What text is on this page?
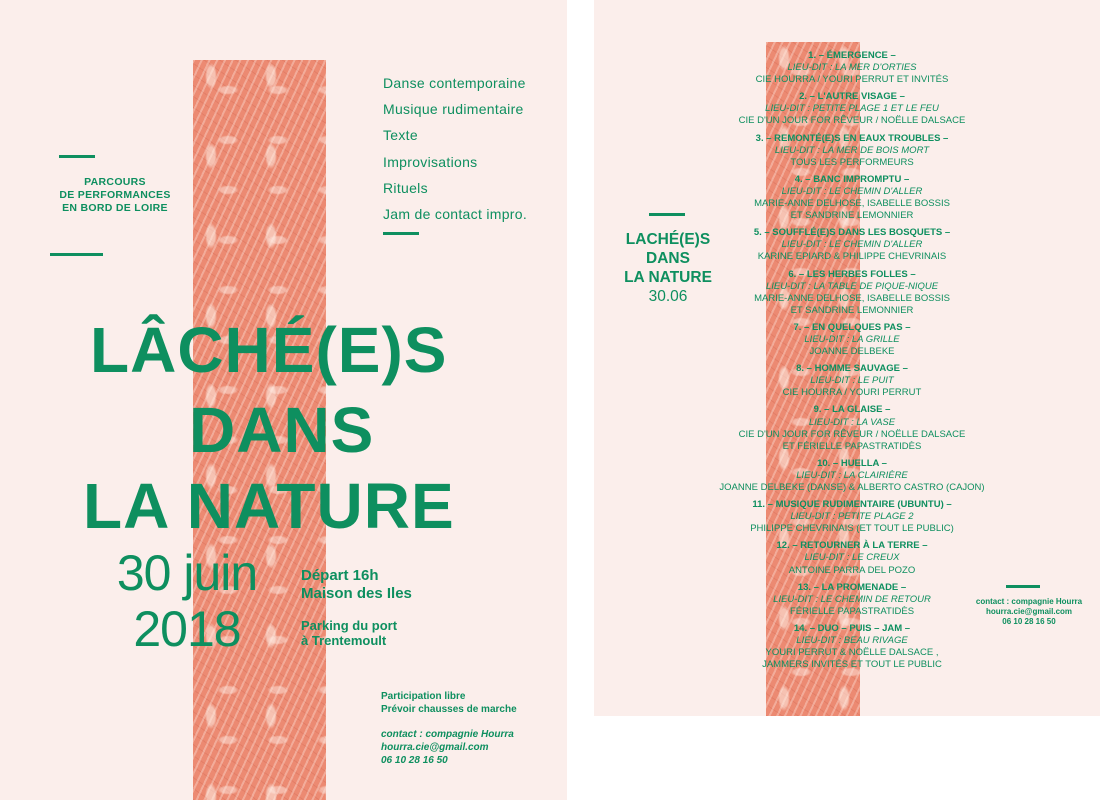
PARCOURS
DE PERFORMANCES
EN BORD DE LOIRE
Danse contemporaine
Musique rudimentaire
Texte
Improvisations
Rituels
Jam de contact impro.
LÂCHÉ(E)S
DANS
LA NATURE
30 juin
2018
Départ 16h
Maison des Iles
Parking du port
à Trentemoult
Participation libre
Prévoir chausses de marche
contact : compagnie Hourra
hourra.cie@gmail.com
06 10 28 16 50
LACHÉ(E)S
DANS
LA NATURE
30.06
1. – ÉMERGENCE –
LIEU-DIT : LA MER D'ORTIES
CIE HOURRA / YOURI PERRUT ET INVITÉS
2. – L'AUTRE VISAGE –
LIEU-DIT : PETITE PLAGE 1 ET LE FEU
CIE D'UN JOUR FOR RÊVEUR / NOËLLE DALSACE
3. – REMONTÉ(E)S EN EAUX TROUBLES –
LIEU-DIT : LA MER DE BOIS MORT
TOUS LES PERFORMEURS
4. – BANC IMPROMPTU –
LIEU-DIT : LE CHEMIN D'ALLER
MARIE-ANNE DELHOSE, ISABELLE BOSSIS
ET SANDRINE LEMONNIER
5. – SOUFFLÉ(E)S DANS LES BOSQUETS –
LIEU-DIT : LE CHEMIN D'ALLER
KARINE EPIARD & PHILIPPE CHEVRINAIS
6. – LES HERBES FOLLES –
LIEU-DIT : LA TABLE DE PIQUE-NIQUE
MARIE-ANNE DELHOSE, ISABELLE BOSSIS
ET SANDRINE LEMONNIER
7. – EN QUELQUES PAS –
LIEU-DIT : LA GRILLE
JOANNE DELBEKE
8. – HOMME SAUVAGE –
LIEU-DIT : LE PUIT
CIE HOURRA / YOURI PERRUT
9. – LA GLAISE –
LIEU-DIT : LA VASE
CIE D'UN JOUR FOR RÊVEUR / NOËLLE DALSACE
ET FÉRIELLE PAPASTRATIDÈS
10. – HUELLA –
LIEU-DIT : LA CLAIRIÈRE
JOANNE DELBEKE (DANSE) & ALBERTO CASTRO (CAJON)
11. – MUSIQUE RUDIMENTAIRE (UBUNTU) –
LIEU-DIT : PETITE PLAGE 2
PHILIPPE CHEVRINAIS (ET TOUT LE PUBLIC)
12. – RETOURNER À LA TERRE –
LIEU-DIT : LE CREUX
ANTOINE PARRA DEL POZO
13. – LA PROMENADE –
LIEU-DIT : LE CHEMIN DE RETOUR
FÉRIELLE PAPASTRATIDÈS
14. – DUO – PUIS – JAM –
LIEU-DIT : BEAU RIVAGE
YOURI PERRUT & NOËLLE DALSACE ,
JAMMERS INVITÉS ET TOUT LE PUBLIC
contact : compagnie Hourra
hourra.cie@gmail.com
06 10 28 16 50
